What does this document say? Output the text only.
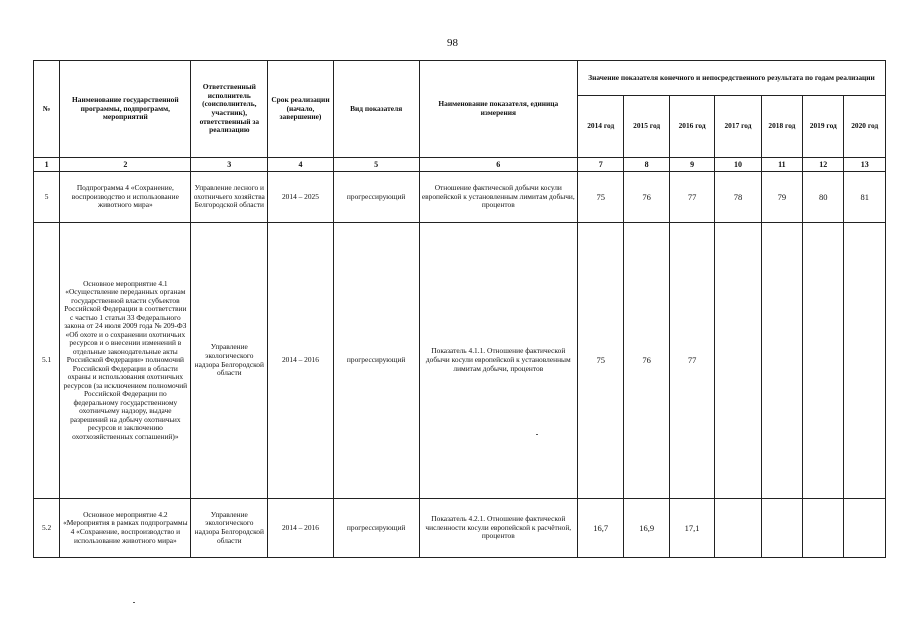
98
№	Наименование государственной программы, подпрограмм, мероприятий	Ответственный исполнитель (соисполнитель, участник), ответственный за реализацию	Срок реализации (начало, завершение)	Вид показателя	Наименование показателя, единица измерения	Значение показателя конечного и непосредственного результата по годам реализации						
						2014 год	2015 год	2016 год	2017 год	2018 год	2019 год	2020 год
1	2	3	4	5	6	7	8	9	10	11	12	13
5	Подпрограмма 4 «Сохранение, воспроизводство и использование животного мира»	Управление лесного и охотничьего хозяйства Белгородской области	2014 – 2025	прогрессирующий	Отношение фактической добычи косули европейской к установленным лимитам добычи, процентов	75	76	77	78	79	80	81
5.1	Основное мероприятие 4.1 «Осуществление переданных органам государственной власти субъектов Российской Федерации в соответствии с частью 1 статьи 33 Федерального закона от 24 июля 2009 года № 209-ФЗ «Об охоте и о сохранении охотничьих ресурсов и о внесении изменений в отдельные законодательные акты Российской Федерации» полномочий Российской Федерации в области охраны и использования охотничьих ресурсов (за исключением полномочий Российской Федерации по федеральному государственному охотничьему надзору, выдаче разрешений на добычу охотничьих ресурсов и заключению охотхозяйственных соглашений)»	Управление экологического надзора Белгородской области	2014 – 2016	прогрессирующий	Показатель 4.1.1. Отношение фактической добычи косули европейской к установленным лимитам добычи, процентов	75	76	77				
5.2	Основное мероприятие 4.2 «Мероприятия в рамках подпрограммы 4 «Сохранение, воспроизводство и использование животного мира»	Управление экологического надзора Белгородской области	2014 – 2016	прогрессирующий	Показатель 4.2.1. Отношение фактической численности косули европейской к расчётной, процентов	16,7	16,9	17,1				
